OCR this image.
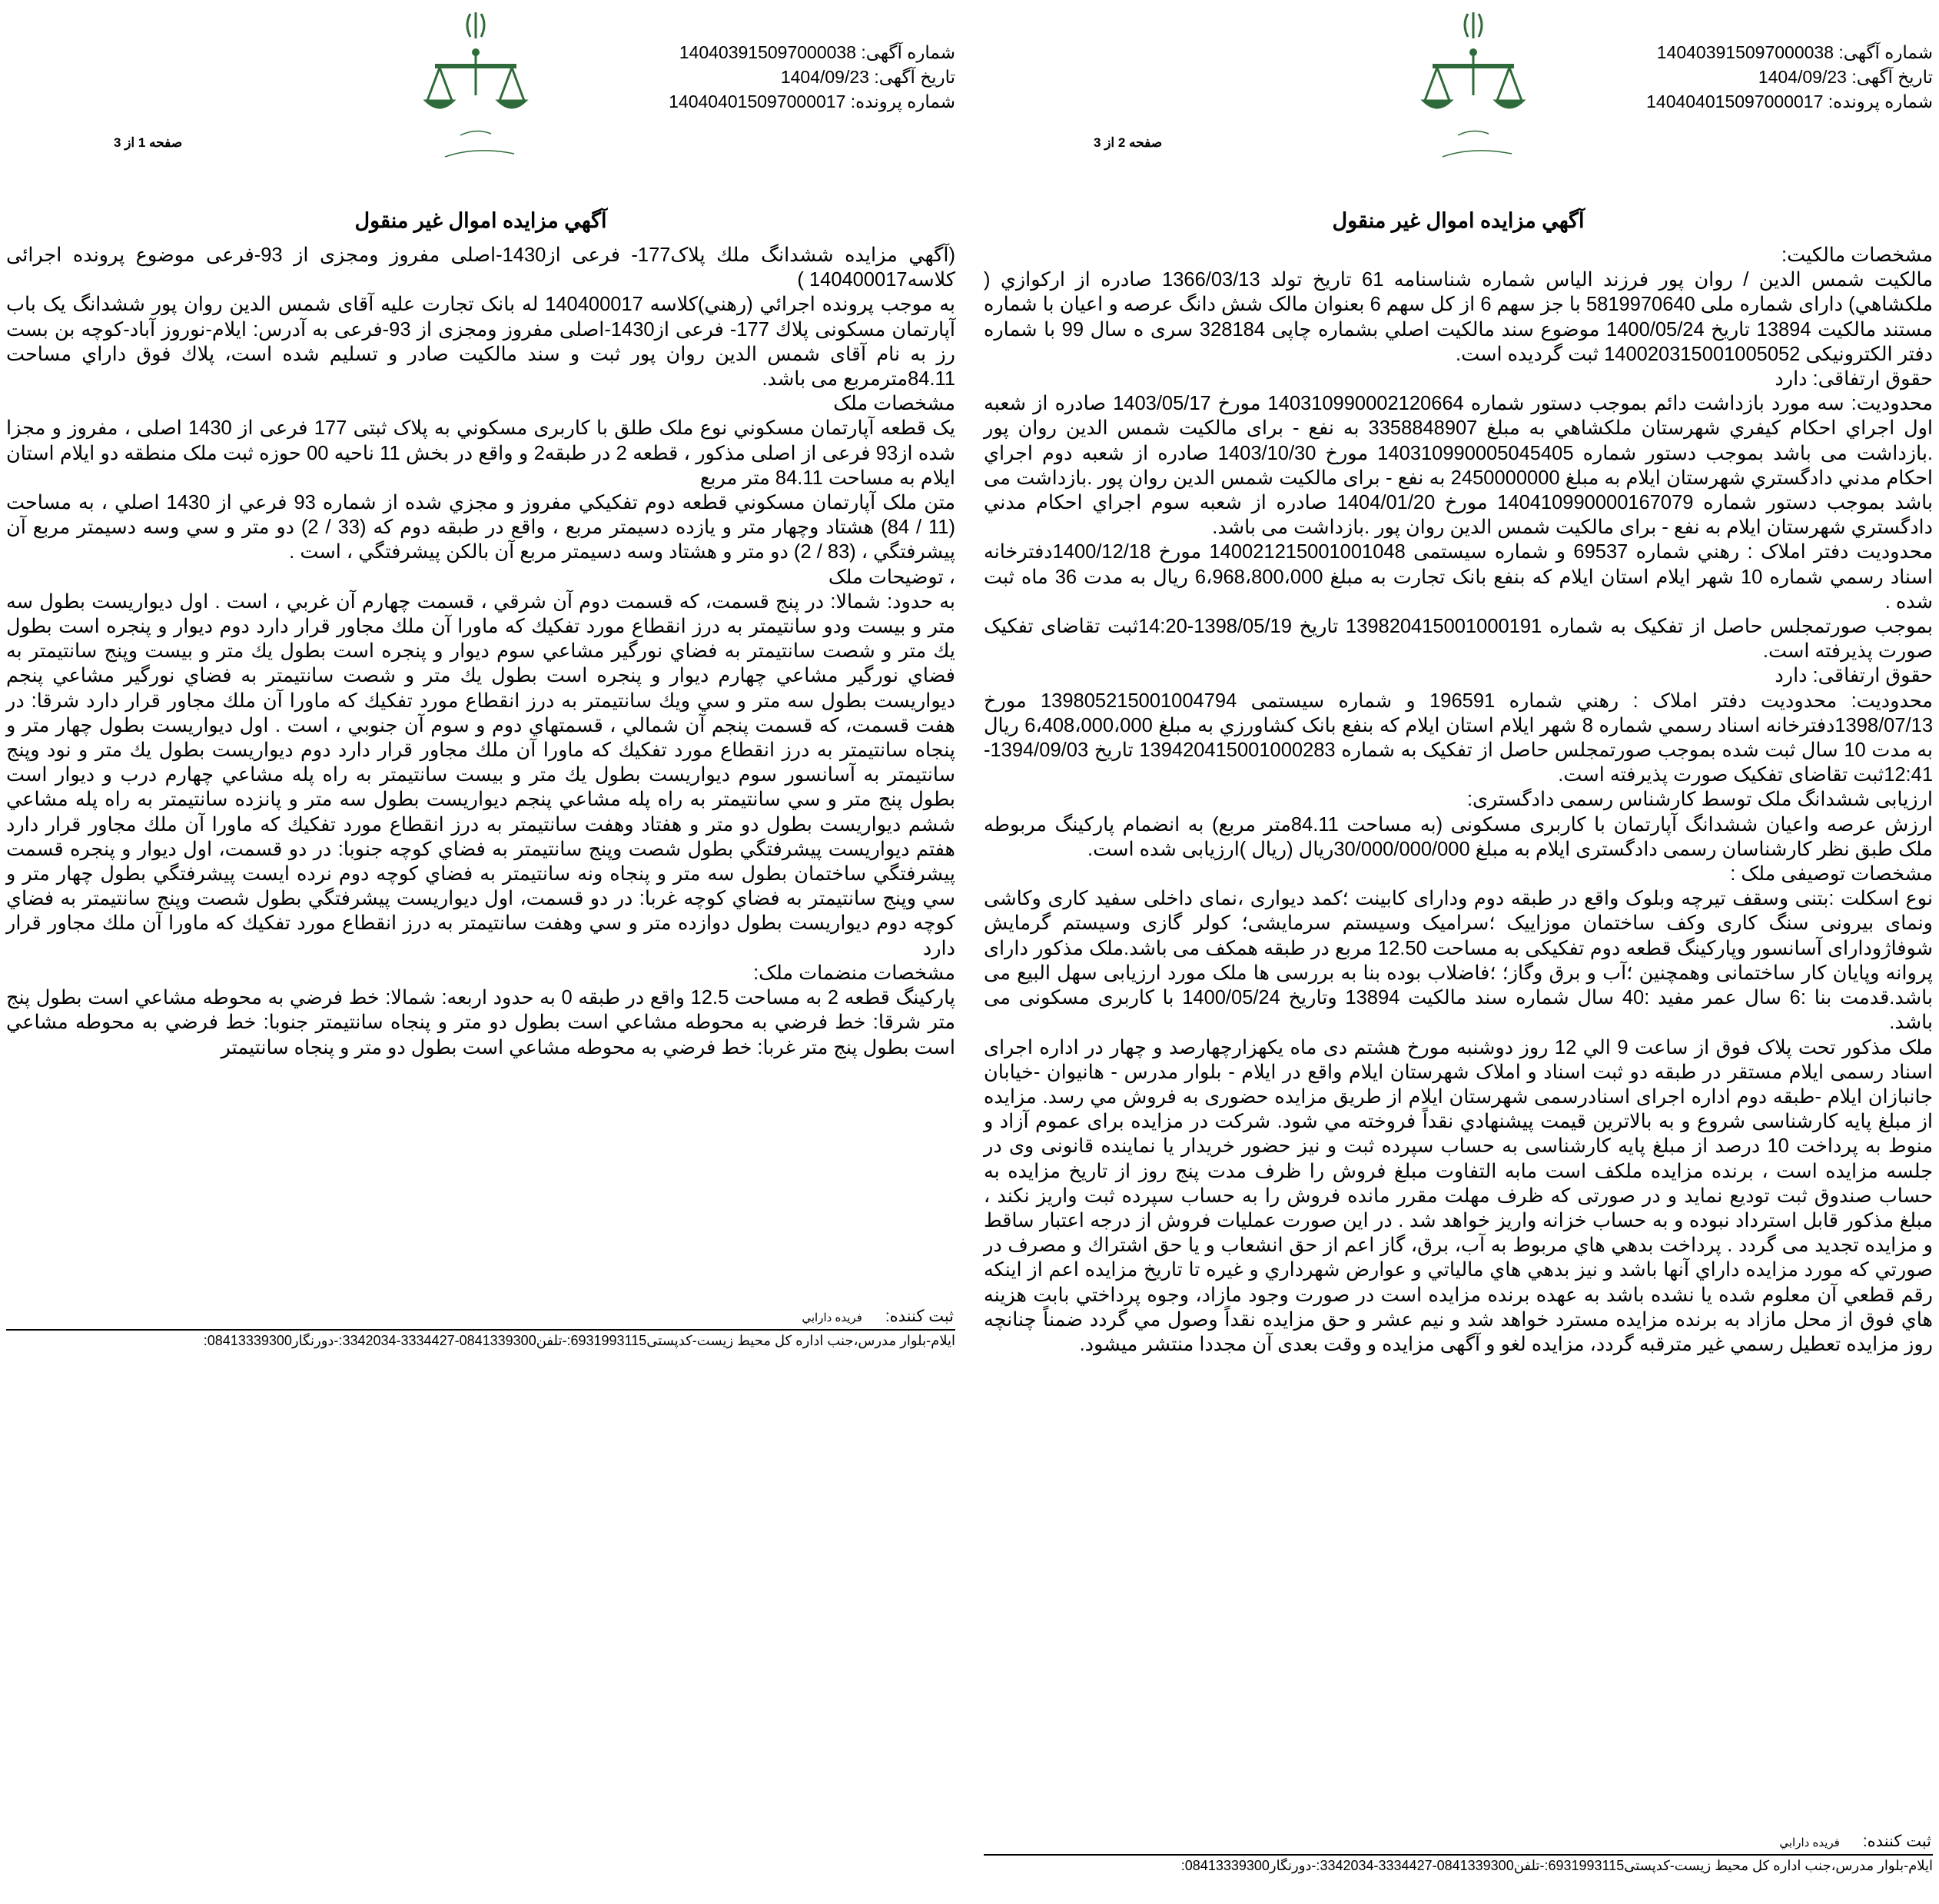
شماره آگهی: 140403915097000038
تاریخ آگهی: 1404/09/23
شماره پرونده: 140404015097000017
صفحه 2 از 3
آگهي مزايده اموال غير منقول

مشخصات مالکیت:

مالکیت شمس الدین / روان پور فرزند الیاس شماره شناسنامه 61 تاریخ تولد 1366/03/13 صادره از ارکوازي ( ملکشاهي) دارای شماره ملی 5819970640 با جز سهم 6 از کل سهم 6 بعنوان مالک شش دانگ عرصه و اعیان با شماره مستند مالکیت 13894 تاریخ 1400/05/24 موضوع سند مالکیت اصلي بشماره چاپی 328184 سری ه سال 99 با شماره دفتر الکترونیکی 140020315001005052 ثبت گردیده است.

حقوق ارتفاقی: دارد

محدودیت: سه مورد بازداشت دائم بموجب دستور شماره 140310990002120664 مورخ 1403/05/17 صادره از شعبه اول اجراي احكام كيفري شهرستان ملكشاهي به مبلغ 3358848907 به نفع - برای مالکیت شمس الدین روان پور .بازداشت می باشد بموجب دستور شماره 140310990005045405 مورخ 1403/10/30 صادره از شعبه دوم اجراي احكام مدني دادگستري شهرستان ايلام به مبلغ 2450000000 به نفع - برای مالکیت شمس الدین روان پور .بازداشت می باشد بموجب دستور شماره 140410990000167079 مورخ 1404/01/20 صادره از شعبه سوم اجراي احكام مدني دادگستري شهرستان ايلام به نفع - برای مالکیت شمس الدین روان پور .بازداشت می باشد.

محدودیت دفتر املاک : رهني شماره 69537 و شماره سیستمی 140021215001001048 مورخ 1400/12/18دفترخانه اسناد رسمي شماره 10 شهر ايلام استان ايلام كه بنفع بانک تجارت به مبلغ 6،968،800،000 ریال به مدت 36 ماه ثبت شده .

بموجب صورتمجلس حاصل از تفکیک به شماره 139820415001000191 تاریخ 1398/05/19-14:20ثبت تقاضای تفکیک صورت پذیرفته است.

حقوق ارتفاقی: دارد

محدودیت: محدودیت دفتر املاک : رهني شماره 196591 و شماره سیستمی 139805215001004794 مورخ 1398/07/13دفترخانه اسناد رسمي شماره 8 شهر ايلام استان ايلام كه بنفع بانک کشاورزي به مبلغ 6،408،000،000 ریال به مدت 10 سال ثبت شده بموجب صورتمجلس حاصل از تفکیک به شماره 139420415001000283 تاریخ 1394/09/03-12:41ثبت تقاضای تفکیک صورت پذیرفته است.

ارزیابی ششدانگ ملک توسط کارشناس رسمی دادگستری:

ارزش عرصه واعیان ششدانگ آپارتمان با کاربری مسکونی (به مساحت 84.11متر مربع) به انضمام پارکینگ مربوطه ملک طبق نظر کارشناسان رسمی دادگستری ایلام به مبلغ 30/000/000/000ریال (ریال )ارزیابی شده است.

مشخصات توصیفی ملک :

نوع اسکلت :بتنی وسقف تیرچه وبلوک واقع در طبقه دوم ودارای کابینت ؛کمد دیواری ،نمای داخلی سفید کاری وکاشی ونمای بیرونی سنگ کاری وکف ساختمان موزاییک ؛سرامیک وسیستم سرمایشی؛ کولر گازی وسیستم گرمایش شوفاژودارای آسانسور وپارکینگ قطعه دوم تفکیکی به مساحت 12.50 مربع در طبقه همکف می باشد.ملک مذکور دارای پروانه وپایان کار ساختمانی وهمچنین ؛آب و برق وگاز؛ ؛فاضلاب بوده بنا به بررسی ها ملک مورد ارزیابی سهل البیع می باشد.قدمت بنا :6 سال عمر مفید :40 سال شماره سند مالکیت 13894 وتاریخ 1400/05/24 با کاربری مسکونی می باشد.

ملک مذکور تحت پلاک فوق از ساعت 9 الي 12 روز دوشنبه مورخ هشتم دی ماه یکهزارچهارصد و چهار در اداره اجرای اسناد رسمی ایلام مستقر در طبقه دو ثبت اسناد و املاک شهرستان ایلام واقع در ایلام - بلوار مدرس - هانیوان -خیابان جانبازان ایلام -طبقه دوم اداره اجرای اسنادرسمی شهرستان ایلام از طريق مزايده حضوری به فروش مي رسد. مزایده از مبلغ پایه کارشناسی شروع و به بالاترین قیمت پیشنهادي نقداً فروخته مي شود. شرکت در مزایده برای عموم آزاد و منوط به پرداخت 10 درصد از مبلغ پایه کارشناسی به حساب سپرده ثبت و نیز حضور خریدار یا نماینده قانونی وی در جلسه مزایده است ، برنده مزایده ملکف است مابه التفاوت مبلغ فروش را ظرف مدت پنج روز از تاریخ مزایده به حساب صندوق ثبت تودیع نماید و در صورتی که ظرف مهلت مقرر مانده فروش را به حساب سپرده ثبت واریز نکند ، مبلغ مذکور قابل استرداد نبوده و به حساب خزانه واریز خواهد شد . در این صورت عملیات فروش از درجه اعتبار ساقط و مزایده تجدید می گردد . پرداخت بدهي هاي مربوط به آب، برق، گاز اعم از حق انشعاب و یا حق اشتراك و مصرف در صورتي كه مورد مزايده داراي آنها باشد و نيز بدهي هاي مالياتي و عوارض شهرداري و غيره تا تاريخ مزايده اعم از اينكه رقم قطعي آن معلوم شده يا نشده باشد به عهده برنده مزايده است در صورت وجود مازاد، وجوه پرداختي بابت هزينه هاي فوق از محل مازاد به برنده مزايده مسترد خواهد شد و نيم عشر و حق مزايده نقداً وصول مي گردد ضمناً چنانچه روز مزايده تعطيل رسمي غير مترقبه گردد، مزایده لغو و آگهی مزایده و وقت بعدی آن مجددا منتشر میشود.

ثبت کننده:
فريده دارابي
ایلام-بلوار مدرس،جنب اداره کل محیط زیست-کدپستی6931993115:-تلفن0841339300-3334427-3342034:-دورنگار08413339300:
شماره آگهی: 140403915097000038
تاریخ آگهی: 1404/09/23
شماره پرونده: 140404015097000017
صفحه 1 از 3
آگهي مزايده اموال غير منقول

(آگهي مزايده ششدانگ ملك پلاک177- فرعی از1430-اصلی مفروز ومجزی از 93-فرعی موضوع پرونده اجرائی کلاسه140400017 )

به موجب پرونده اجرائي (رهني)كلاسه 140400017 له بانک تجارت علیه آقای شمس الدین روان پور ششدانگ یک باب آپارتمان مسکونی پلاك 177- فرعی از1430-اصلی مفروز ومجزی از 93-فرعی به آدرس: ایلام-نوروز آباد-کوچه بن بست رز به نام آقای شمس الدین روان پور ثبت و سند مالكيت صادر و تسليم شده است، پلاك فوق داراي مساحت 84.11مترمربع می باشد.

مشخصات ملک

یک قطعه آپارتمان مسکوني نوع ملک طلق با کاربری مسکوني به پلاک ثبتی 177 فرعی از 1430 اصلی ، مفروز و مجزا شده از93 فرعی از اصلی مذکور ، قطعه 2 در طبقه2 و واقع در بخش 11 ناحیه 00 حوزه ثبت ملک منطقه دو ایلام استان ایلام به مساحت 84.11 متر مربع

متن ملک آپارتمان مسکوني قطعه دوم تفكيكي مفروز و مجزي شده از شماره 93 فرعي از 1430 اصلي ، به مساحت (11 / 84) هشتاد وچهار متر و یازده دسیمتر مربع ، واقع در طبقه دوم كه (33 / 2) دو متر و سي وسه دسیمتر مربع آن پيشرفتگي ، (83 / 2) دو متر و هشتاد وسه دسیمتر مربع آن بالكن پيشرفتگي ، است .

، توضیحات ملک

به حدود: شمالا: در پنج قسمت، كه قسمت دوم آن شرقي ، قسمت چهارم آن غربي ، است . اول ديواريست بطول سه متر و بيست ودو سانتيمتر به درز انقطاع مورد تفكيك كه ماورا آن ملك مجاور قرار دارد دوم ديوار و پنجره است بطول يك متر و شصت سانتيمتر به فضاي نورگير مشاعي سوم ديوار و پنجره است بطول يك متر و بيست وپنج سانتيمتر به فضاي نورگير مشاعي چهارم ديوار و پنجره است بطول يك متر و شصت سانتيمتر به فضاي نورگير مشاعي پنجم ديواريست بطول سه متر و سي ويك سانتيمتر به درز انقطاع مورد تفكيك كه ماورا آن ملك مجاور قرار دارد شرقا: در هفت قسمت، كه قسمت پنجم آن شمالي ، قسمتهاي دوم و سوم آن جنوبي ، است . اول ديواريست بطول چهار متر و پنجاه سانتيمتر به درز انقطاع مورد تفكيك كه ماورا آن ملك مجاور قرار دارد دوم ديواريست بطول يك متر و نود وپنج سانتيمتر به آسانسور سوم ديواريست بطول يك متر و بيست سانتيمتر به راه پله مشاعي چهارم درب و ديوار است بطول پنج متر و سي سانتيمتر به راه پله مشاعي پنجم ديواريست بطول سه متر و پانزده سانتيمتر به راه پله مشاعي ششم ديواريست بطول دو متر و هفتاد وهفت سانتيمتر به درز انقطاع مورد تفكيك كه ماورا آن ملك مجاور قرار دارد هفتم ديواريست پيشرفتگي بطول شصت وپنج سانتيمتر به فضاي كوچه جنوبا: در دو قسمت، اول ديوار و پنجره قسمت پيشرفتگي ساختمان بطول سه متر و پنجاه ونه سانتيمتر به فضاي كوچه دوم نرده ايست پيشرفتگي بطول چهار متر و سي وپنج سانتيمتر به فضاي كوچه غربا: در دو قسمت، اول ديواريست پيشرفتگي بطول شصت وپنج سانتيمتر به فضاي كوچه دوم ديواريست بطول دوازده متر و سي وهفت سانتيمتر به درز انقطاع مورد تفكيك كه ماورا آن ملك مجاور قرار دارد

مشخصات منضمات ملک:

پارکینگ قطعه 2 به مساحت 12.5 واقع در طبقه 0 به حدود اربعه: شمالا: خط فرضي به محوطه مشاعي است بطول پنج متر شرقا: خط فرضي به محوطه مشاعي است بطول دو متر و پنجاه سانتيمتر جنوبا: خط فرضي به محوطه مشاعي است بطول پنج متر غربا: خط فرضي به محوطه مشاعي است بطول دو متر و پنجاه سانتيمتر

ثبت کننده:
فريده دارابي
ایلام-بلوار مدرس،جنب اداره کل محیط زیست-کدپستی6931993115:-تلفن0841339300-3334427-3342034:-دورنگار08413339300:
